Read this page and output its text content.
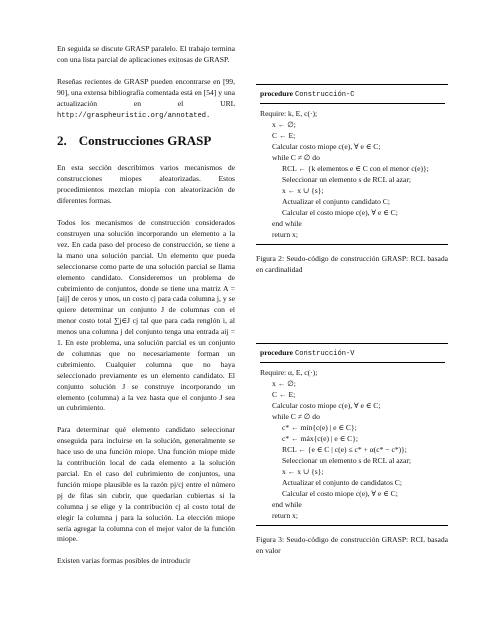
En seguida se discute GRASP paralelo. El trabajo termina con una lista parcial de aplicaciones exitosas de GRASP.

Reseñas recientes de GRASP pueden encontrarse en [99, 90], una extensa bibliografía comentada está en [54] y una actualización en el URL http://graspheuristic.org/annotated.

2. Construcciones GRASP

En esta sección describimos varios mecanismos de construcciones miopes aleatorizadas. Estos procedimientos mezclan miopía con aleatorización de diferentes formas.

Todos los mecanismos de construcción considerados construyen una solución incorporando un elemento a la vez. En cada paso del proceso de construcción, se tiene a la mano una solución parcial. Un elemento que pueda seleccionarse como parte de una solución parcial se llama elemento candidato. Consideremos un problema de cubrimiento de conjuntos, donde se tiene una matriz A = [aij] de ceros y unos, un costo cj para cada columna j, y se quiere determinar un conjunto J de columnas con el menor costo total ∑j∈J cj tal que para cada renglón i, al menos una columna j del conjunto tenga una entrada aij = 1. En este problema, una solución parcial es un conjunto de columnas que no necesariamente forman un cubrimiento. Cualquier columna que no haya seleccionado previamente es un elemento candidato. El conjunto solución J se construye incorporando un elemento (columna) a la vez hasta que el conjunto J sea un cubrimiento.

Para determinar qué elemento candidato seleccionar enseguida para incluirse en la solución, generalmente se hace uso de una función miope. Una función miope mide la contribución local de cada elemento a la solución parcial. En el caso del cubrimiento de conjuntos, una función miope plausible es la razón pj/cj entre el número pj de filas sin cubrir, que quedarían cubiertas si la columna j se elige y la contribución cj al costo total de elegir la columna j para la solución. La elección miope sería agregar la columna con el mejor valor de la función miope.

Existen varias formas posibles de introducir

procedure Construcción-C
Require: k, E, c(·);
x ← ∅;
C ← E;
Calcular costo miope c(e), ∀ e ∈ C;
while C ≠ ∅ do
RCL ← {k elementos e ∈ C con el menor c(e)};
Seleccionar un elemento s de RCL al azar;
x ← x ∪ {s};
Actualizar el conjunto candidato C;
Calcular el costo miope c(e), ∀ e ∈ C;
end while
return x;
Figura 2: Seudo-código de construcción GRASP: RCL basada en cardinalidad
procedure Construcción-V
Require: α, E, c(·);
x ← ∅;
C ← E;
Calcular costo miope c(e), ∀ e ∈ C;
while C ≠ ∅ do
c* ← mín{c(e) | e ∈ C};
c* ← máx{c(e) | e ∈ C};
RCL ← {e ∈ C | c(e) ≤ c* + α(c* − c*)};
Seleccionar un elemento s de RCL al azar;
x ← x ∪ {s};
Actualizar el conjunto de candidatos C;
Calcular el costo miope c(e), ∀ e ∈ C;
end while
return x;
Figura 3: Seudo-código de construcción GRASP: RCL basada en valor
